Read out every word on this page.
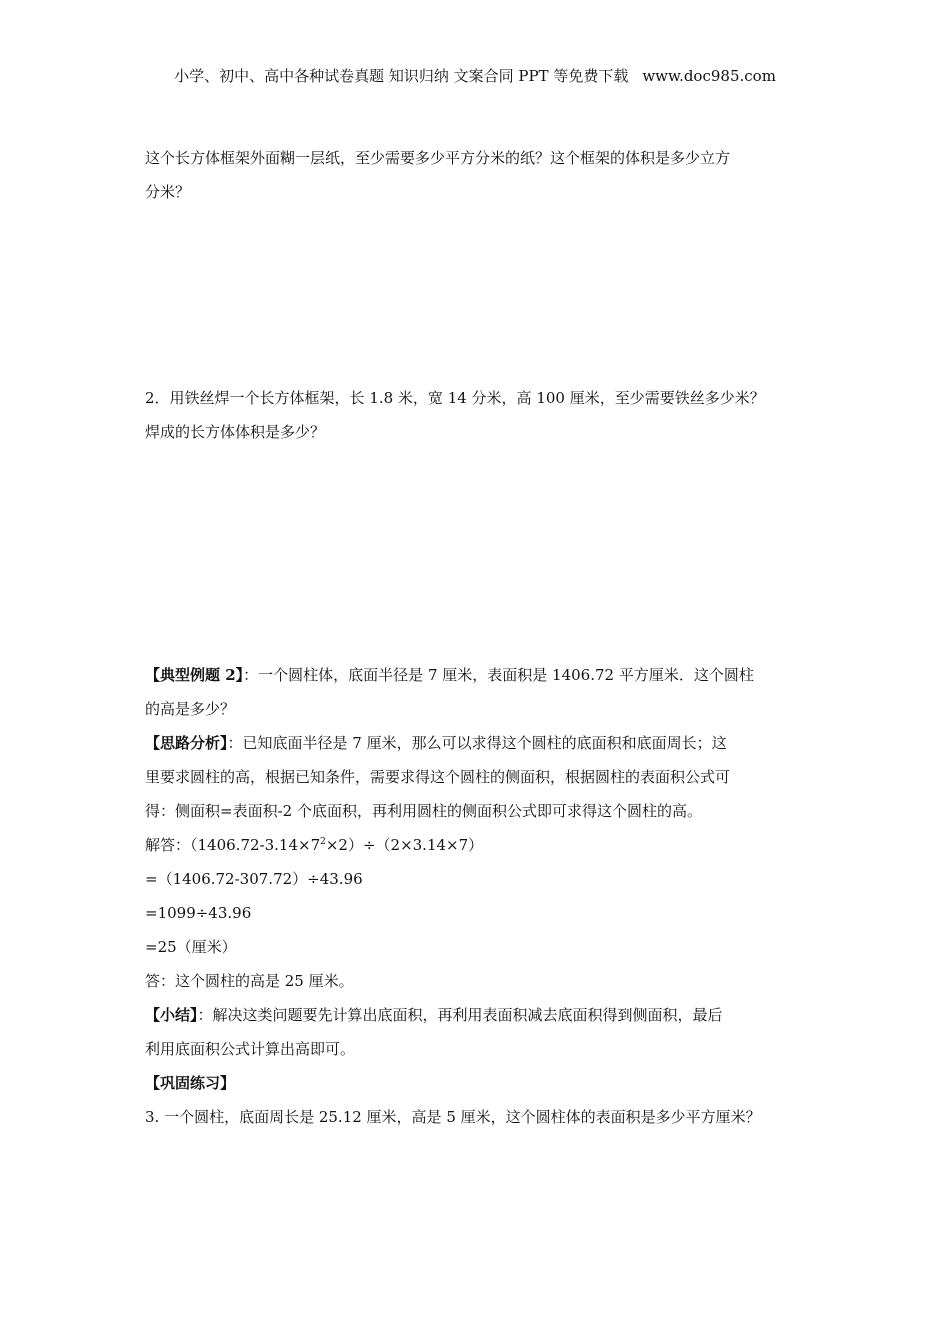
小学、初中、高中各种试卷真题 知识归纳 文案合同 PPT 等免费下载 www.doc985.com
这个长方体框架外面糊一层纸，至少需要多少平方分米的纸？这个框架的体积是多少立方
分米？
2．用铁丝焊一个长方体框架，长 1.8 米，宽 14 分米，高 100 厘米，至少需要铁丝多少米？
焊成的长方体体积是多少？
【典型例题 2】：一个圆柱体，底面半径是 7 厘米，表面积是 1406.72 平方厘米．这个圆柱
的高是多少？
【思路分析】：已知底面半径是 7 厘米，那么可以求得这个圆柱的底面积和底面周长；这
里要求圆柱的高，根据已知条件，需要求得这个圆柱的侧面积，根据圆柱的表面积公式可
得：侧面积=表面积-2 个底面积，再利用圆柱的侧面积公式即可求得这个圆柱的高。
解答：$(1406.72-3.14\times 7^2\times 2)\div(2\times 3.14\times 7)$
=（1406.72-307.72）÷43.96
=1099÷43.96
=25（厘米）
答：这个圆柱的高是 25 厘米。
【小结】：解决这类问题要先计算出底面积，再利用表面积减去底面积得到侧面积，最后
利用底面积公式计算出高即可。
【巩固练习】
3. 一个圆柱，底面周长是 25.12 厘米，高是 5 厘米，这个圆柱体的表面积是多少平方厘米？
